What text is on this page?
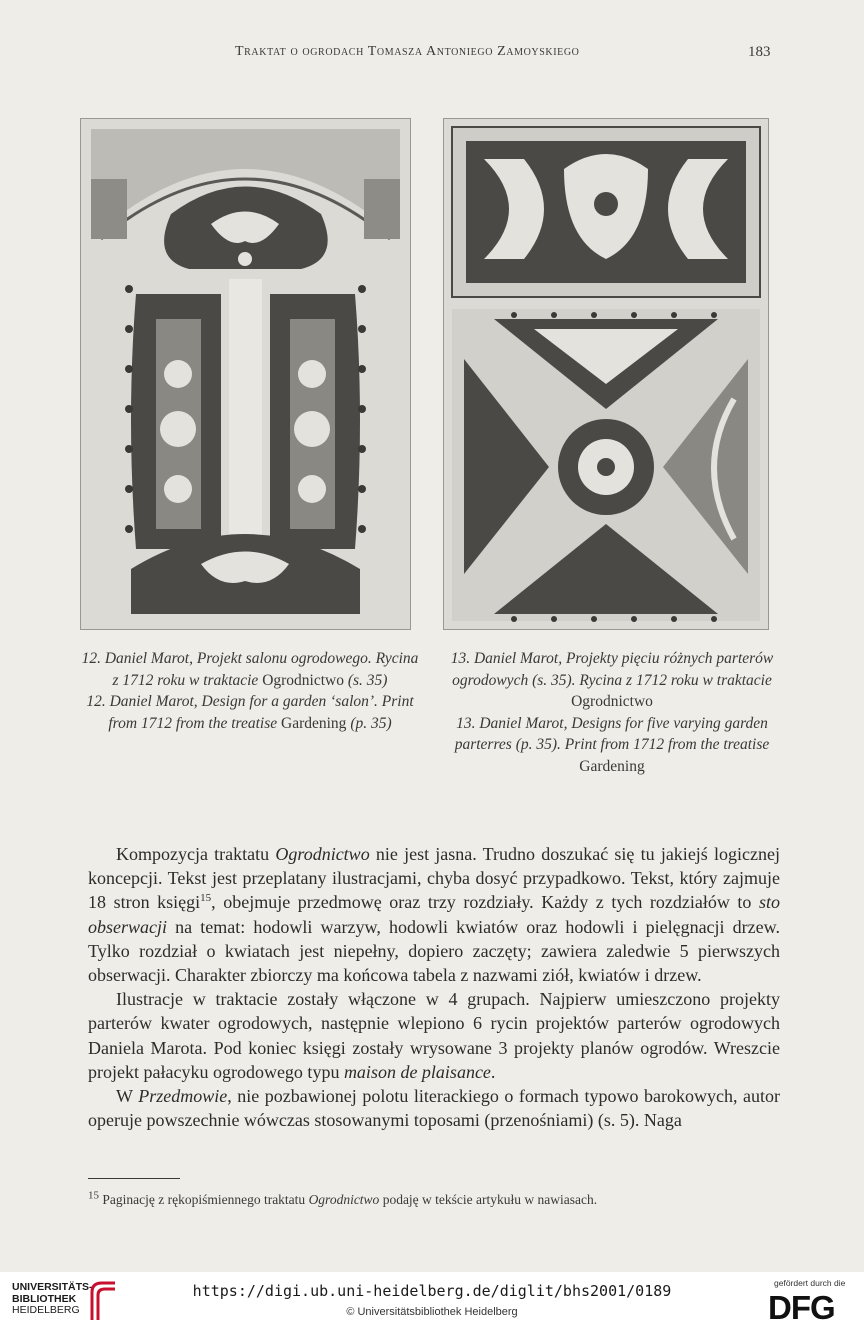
Traktat o ogrodach Tomasza Antoniego Zamoyskiego	183
12. Daniel Marot, Projekt salonu ogrodowego. Rycina z 1712 roku w traktacie Ogrodnictwo (s. 35)
12. Daniel Marot, Design for a garden ‘salon’. Print from 1712 from the treatise Gardening (p. 35)
13. Daniel Marot, Projekty pięciu różnych parterów ogrodowych (s. 35). Rycina z 1712 roku w traktacie Ogrodnictwo
13. Daniel Marot, Designs for five varying garden parterres (p. 35). Print from 1712 from the treatise Gardening

Kompozycja traktatu Ogrodnictwo nie jest jasna. Trudno doszukać się tu jakiejś logicznej koncepcji. Tekst jest przeplatany ilustracjami, chyba dosyć przypadkowo. Tekst, który zajmuje 18 stron księgi$^{15}$, obejmuje przedmowę oraz trzy rozdziały. Każdy z tych rozdziałów to sto obserwacji na temat: hodowli warzyw, hodowli kwiatów oraz hodowli i pielęgnacji drzew. Tylko rozdział o kwiatach jest niepełny, dopiero zaczęty; zawiera zaledwie 5 pierwszych obserwacji. Charakter zbiorczy ma końcowa tabela z nazwami ziół, kwiatów i drzew.

Ilustracje w traktacie zostały włączone w 4 grupach. Najpierw umieszczono projekty parterów kwater ogrodowych, następnie wlepiono 6 rycin projektów parterów ogrodowych Daniela Marota. Pod koniec księgi zostały wrysowane 3 projekty planów ogrodów. Wreszcie projekt pałacyku ogrodowego typu maison de plaisance.

W Przedmowie, nie pozbawionej polotu literackiego o formach typowo barokowych, autor operuje powszechnie wówczas stosowanymi toposami (przenośniami) (s. 5). Naga

$^{15}$ Paginację z rękopiśmiennego traktatu Ogrodnictwo podaję w tekście artykułu w nawiasach.
UNIVERSITÄTS-
BIBLIOTHEK
HEIDELBERG
https://digi.ub.uni-heidelberg.de/diglit/bhs2001/0189
© Universitätsbibliothek Heidelberg
gefördert durch die
DFG
